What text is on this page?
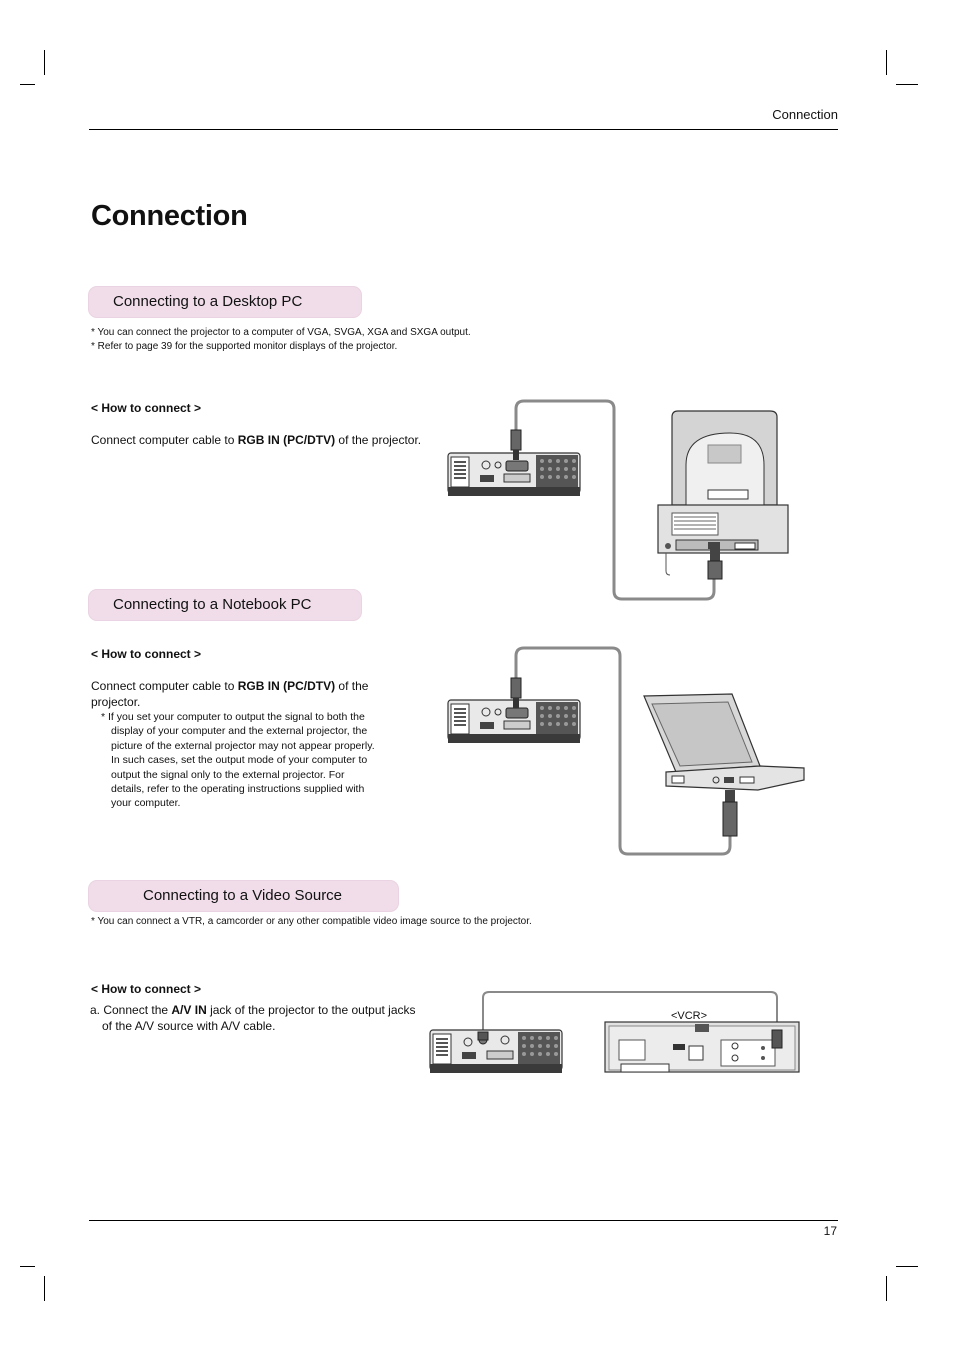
Connection
Connection
Connecting to a Desktop PC
* You can connect the projector to a computer of VGA, SVGA, XGA and SXGA output.
* Refer to page 39 for the supported monitor displays of the projector.
< How to connect >
Connect computer cable to RGB IN (PC/DTV) of the projector.
Connecting to a Notebook PC
< How to connect >
Connect computer cable to RGB IN (PC/DTV) of the
projector.
* If you set your computer to output the signal to both the
display of your computer and the external projector, the
picture of the external projector may not appear properly.
In such cases, set the output mode of your computer to
output the signal only to the external projector. For
details, refer to the operating instructions supplied with
your computer.
Connecting to a Video Source
* You can connect a VTR, a camcorder or any other compatible video image source to the projector.
< How to connect >
a. Connect the A/V IN jack of the projector to the output jacks
of the A/V source with A/V cable.
<VCR>
17
